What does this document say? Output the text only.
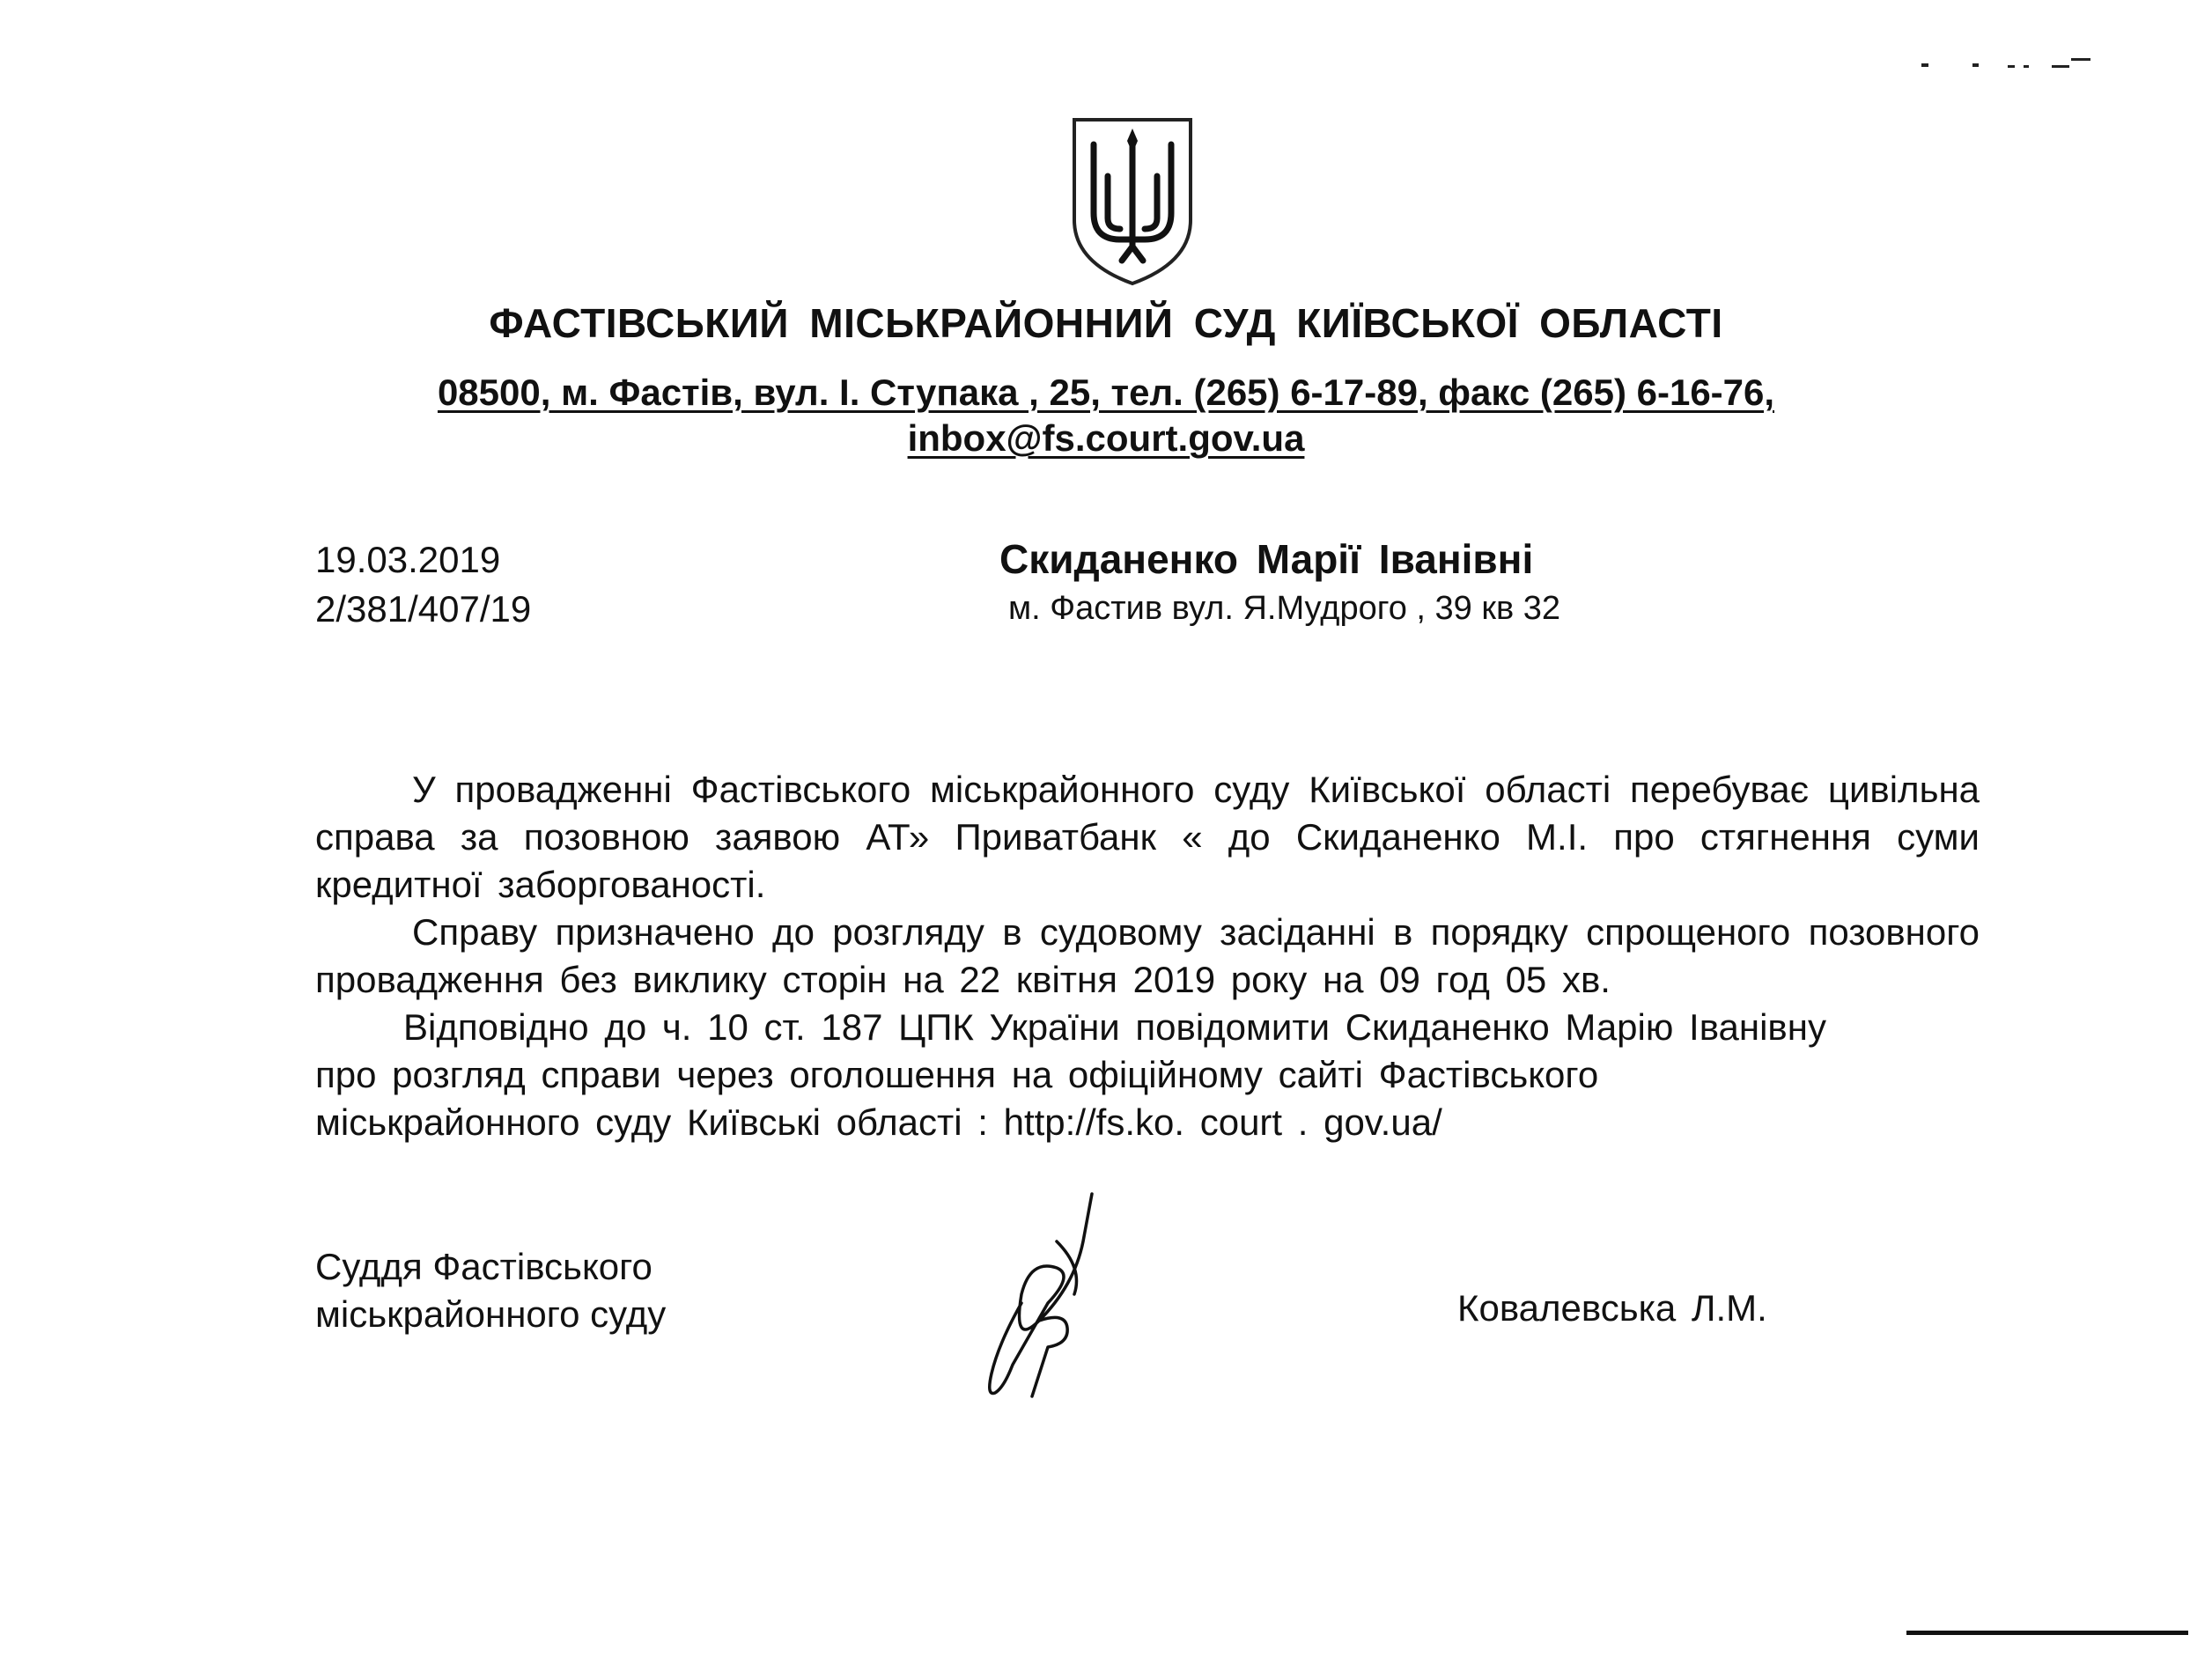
ФАСТІВСЬКИЙ МІСЬКРАЙОННИЙ СУД КИЇВСЬКОЇ ОБЛАСТІ
08500, м. Фастів, вул. І. Ступака , 25, тел. (265) 6-17-89, факс (265) 6-16-76,
inbox@fs.court.gov.ua
19.03.2019
2/381/407/19
Скиданенко Марії Іванівні
м. Фастив вул. Я.Мудрого , 39 кв 32

У провадженні Фастівського міськрайонного суду Київської області перебуває цивільна справа за позовною заявою АТ» Приватбанк « до Скиданенко М.І. про стягнення суми кредитної заборгованості.

Справу призначено до розгляду в судовому засіданні в порядку спрощеного позовного провадження без виклику сторін на 22 квітня 2019 року на 09 год 05 хв.

Відповідно до ч. 10 ст. 187 ЦПК України повідомити Скиданенко Марію Іванівну

про розгляд справи через оголошення на офіційному сайті Фастівського

міськрайонного суду Київські області : http://fs.ko. court . gov.ua/

Суддя Фастівського
міськрайонного суду	Ковалевська Л.М.
